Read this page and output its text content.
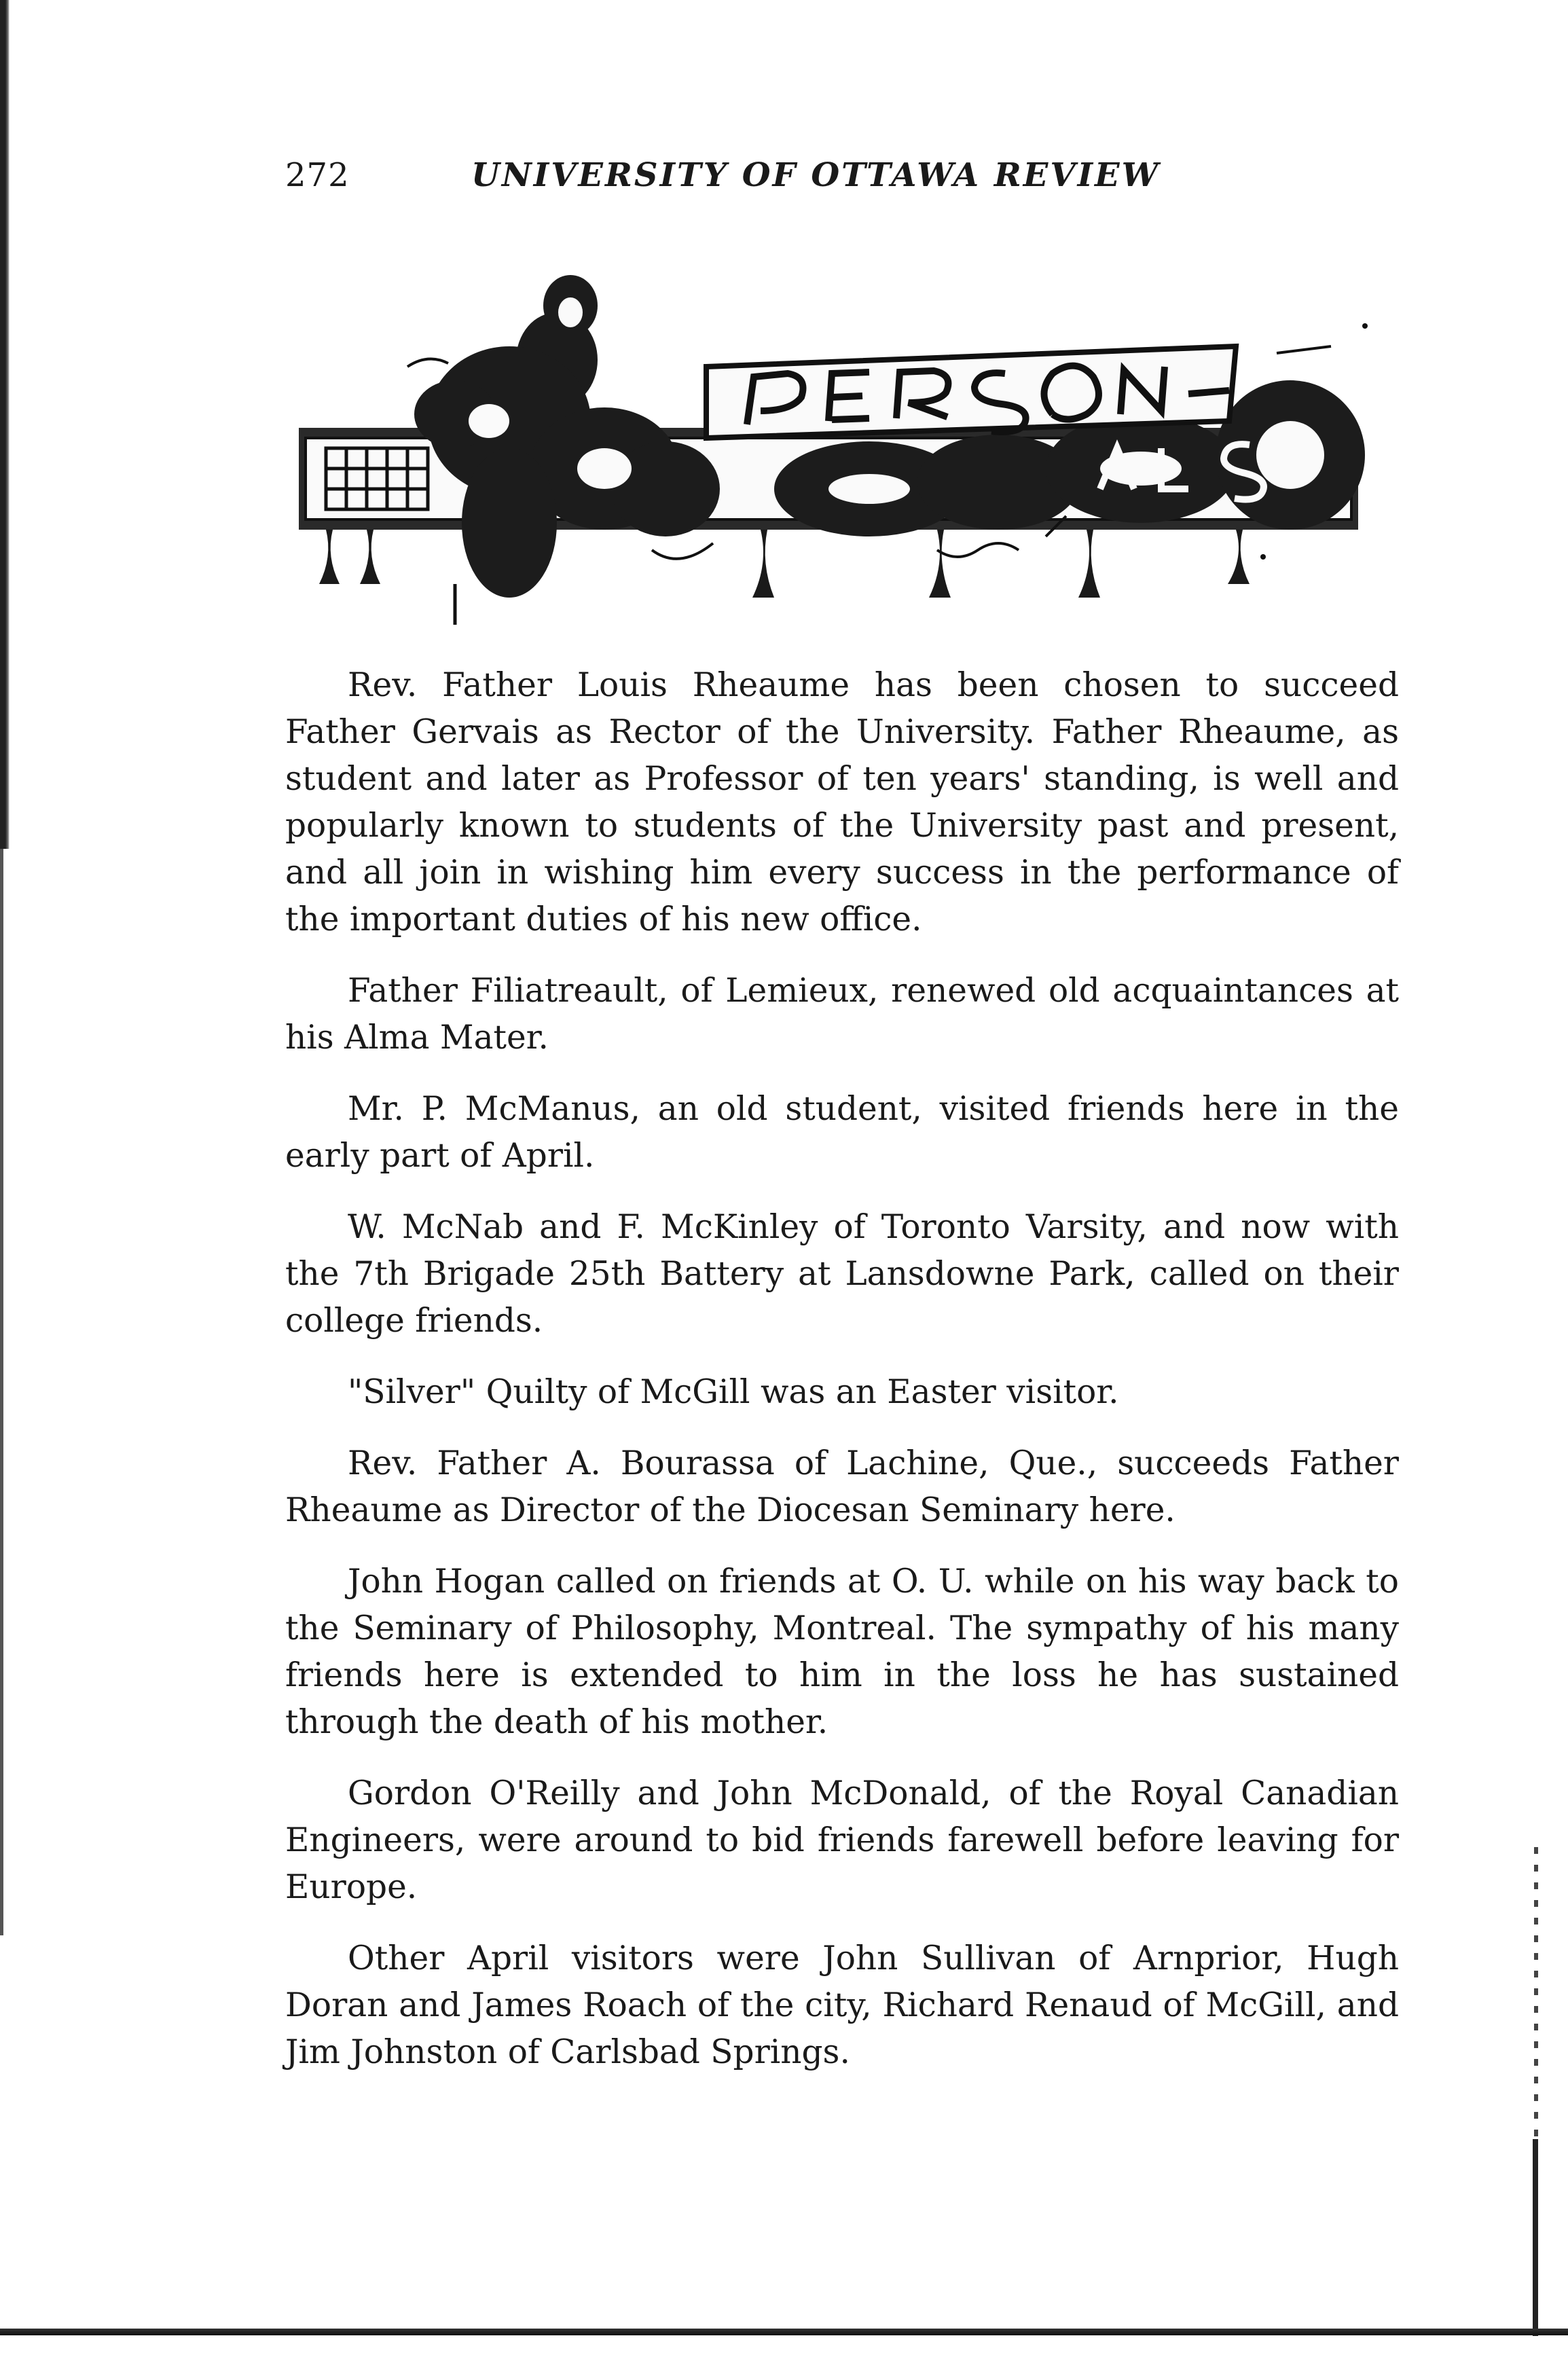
272	UNIVERSITY OF OTTAWA REVIEW

Rev. Father Louis Rheaume has been chosen to succeed Father Gervais as Rector of the University. Father Rheaume, as student and later as Professor of ten years' standing, is well and popularly known to students of the University past and present, and all join in wishing him every success in the performance of the important duties of his new office.

Father Filiatreault, of Lemieux, renewed old acquaintances at his Alma Mater.

Mr. P. McManus, an old student, visited friends here in the early part of April.

W. McNab and F. McKinley of Toronto Varsity, and now with the 7th Brigade 25th Battery at Lansdowne Park, called on their college friends.

"Silver" Quilty of McGill was an Easter visitor.

Rev. Father A. Bourassa of Lachine, Que., succeeds Father Rheaume as Director of the Diocesan Seminary here.

John Hogan called on friends at O. U. while on his way back to the Seminary of Philosophy, Montreal. The sympathy of his many friends here is extended to him in the loss he has sustained through the death of his mother.

Gordon O'Reilly and John McDonald, of the Royal Canadian Engineers, were around to bid friends farewell before leaving for Europe.

Other April visitors were John Sullivan of Arnprior, Hugh Doran and James Roach of the city, Richard Renaud of McGill, and Jim Johnston of Carlsbad Springs.
